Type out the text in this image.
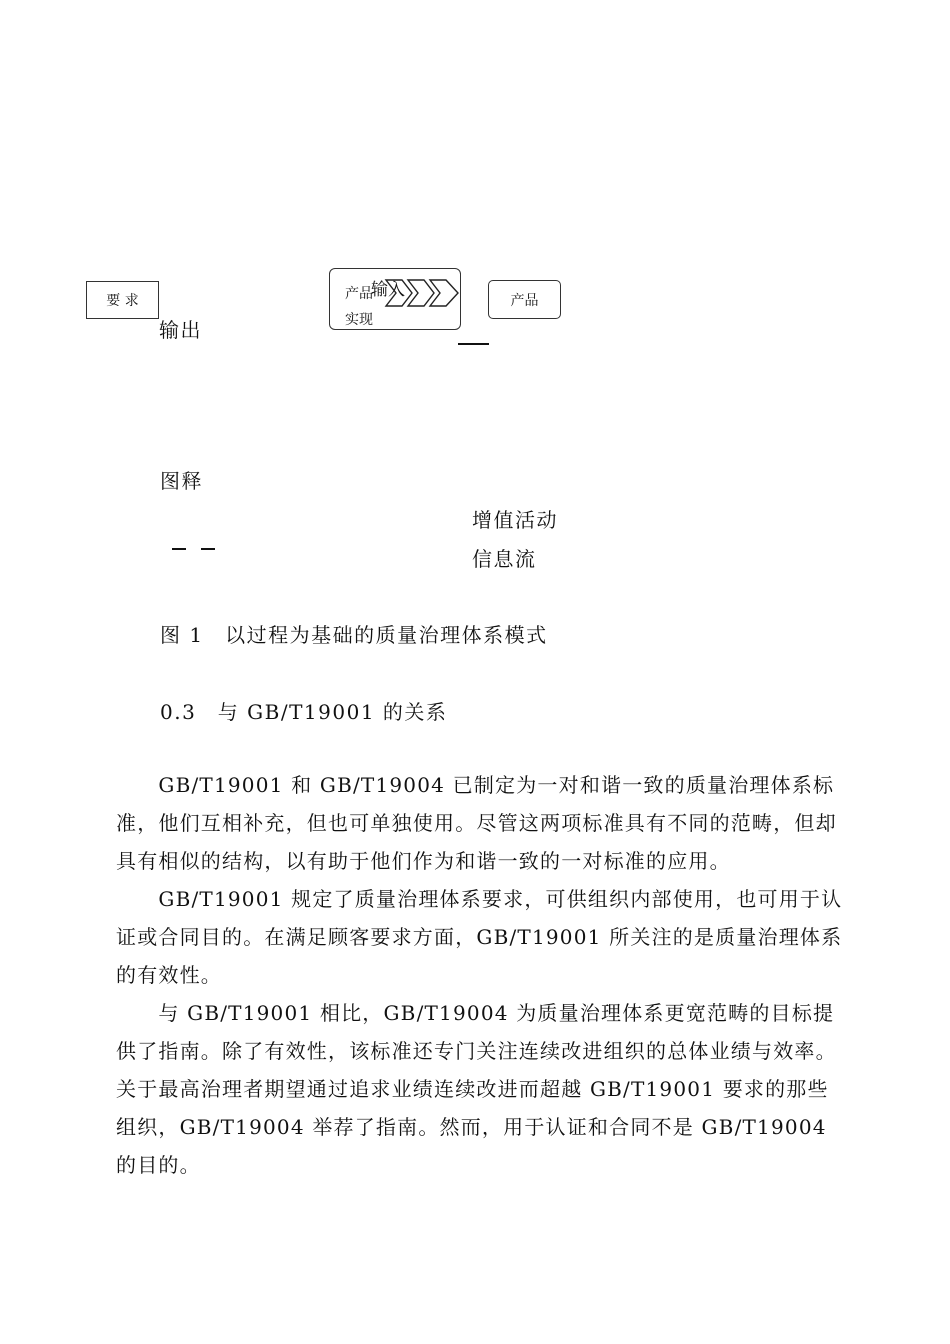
要 求
输出
产品
实现
输入
产品
图释
增值活动
信息流
图 1　以过程为基础的质量治理体系模式
0.3　与 GB/T19001 的关系

　　GB/T19001 和 GB/T19004 已制定为一对和谐一致的质量治理体系标准，他们互相补充，但也可单独使用。尽管这两项标准具有不同的范畴，但却具有相似的结构，以有助于他们作为和谐一致的一对标准的应用。

　　GB/T19001 规定了质量治理体系要求，可供组织内部使用，也可用于认证或合同目的。在满足顾客要求方面，GB/T19001 所关注的是质量治理体系的有效性。

　　与 GB/T19001 相比，GB/T19004 为质量治理体系更宽范畴的目标提供了指南。除了有效性，该标准还专门关注连续改进组织的总体业绩与效率。关于最高治理者期望通过追求业绩连续改进而超越 GB/T19001 要求的那些组织，GB/T19004 举荐了指南。然而，用于认证和合同不是 GB/T19004 的目的。
